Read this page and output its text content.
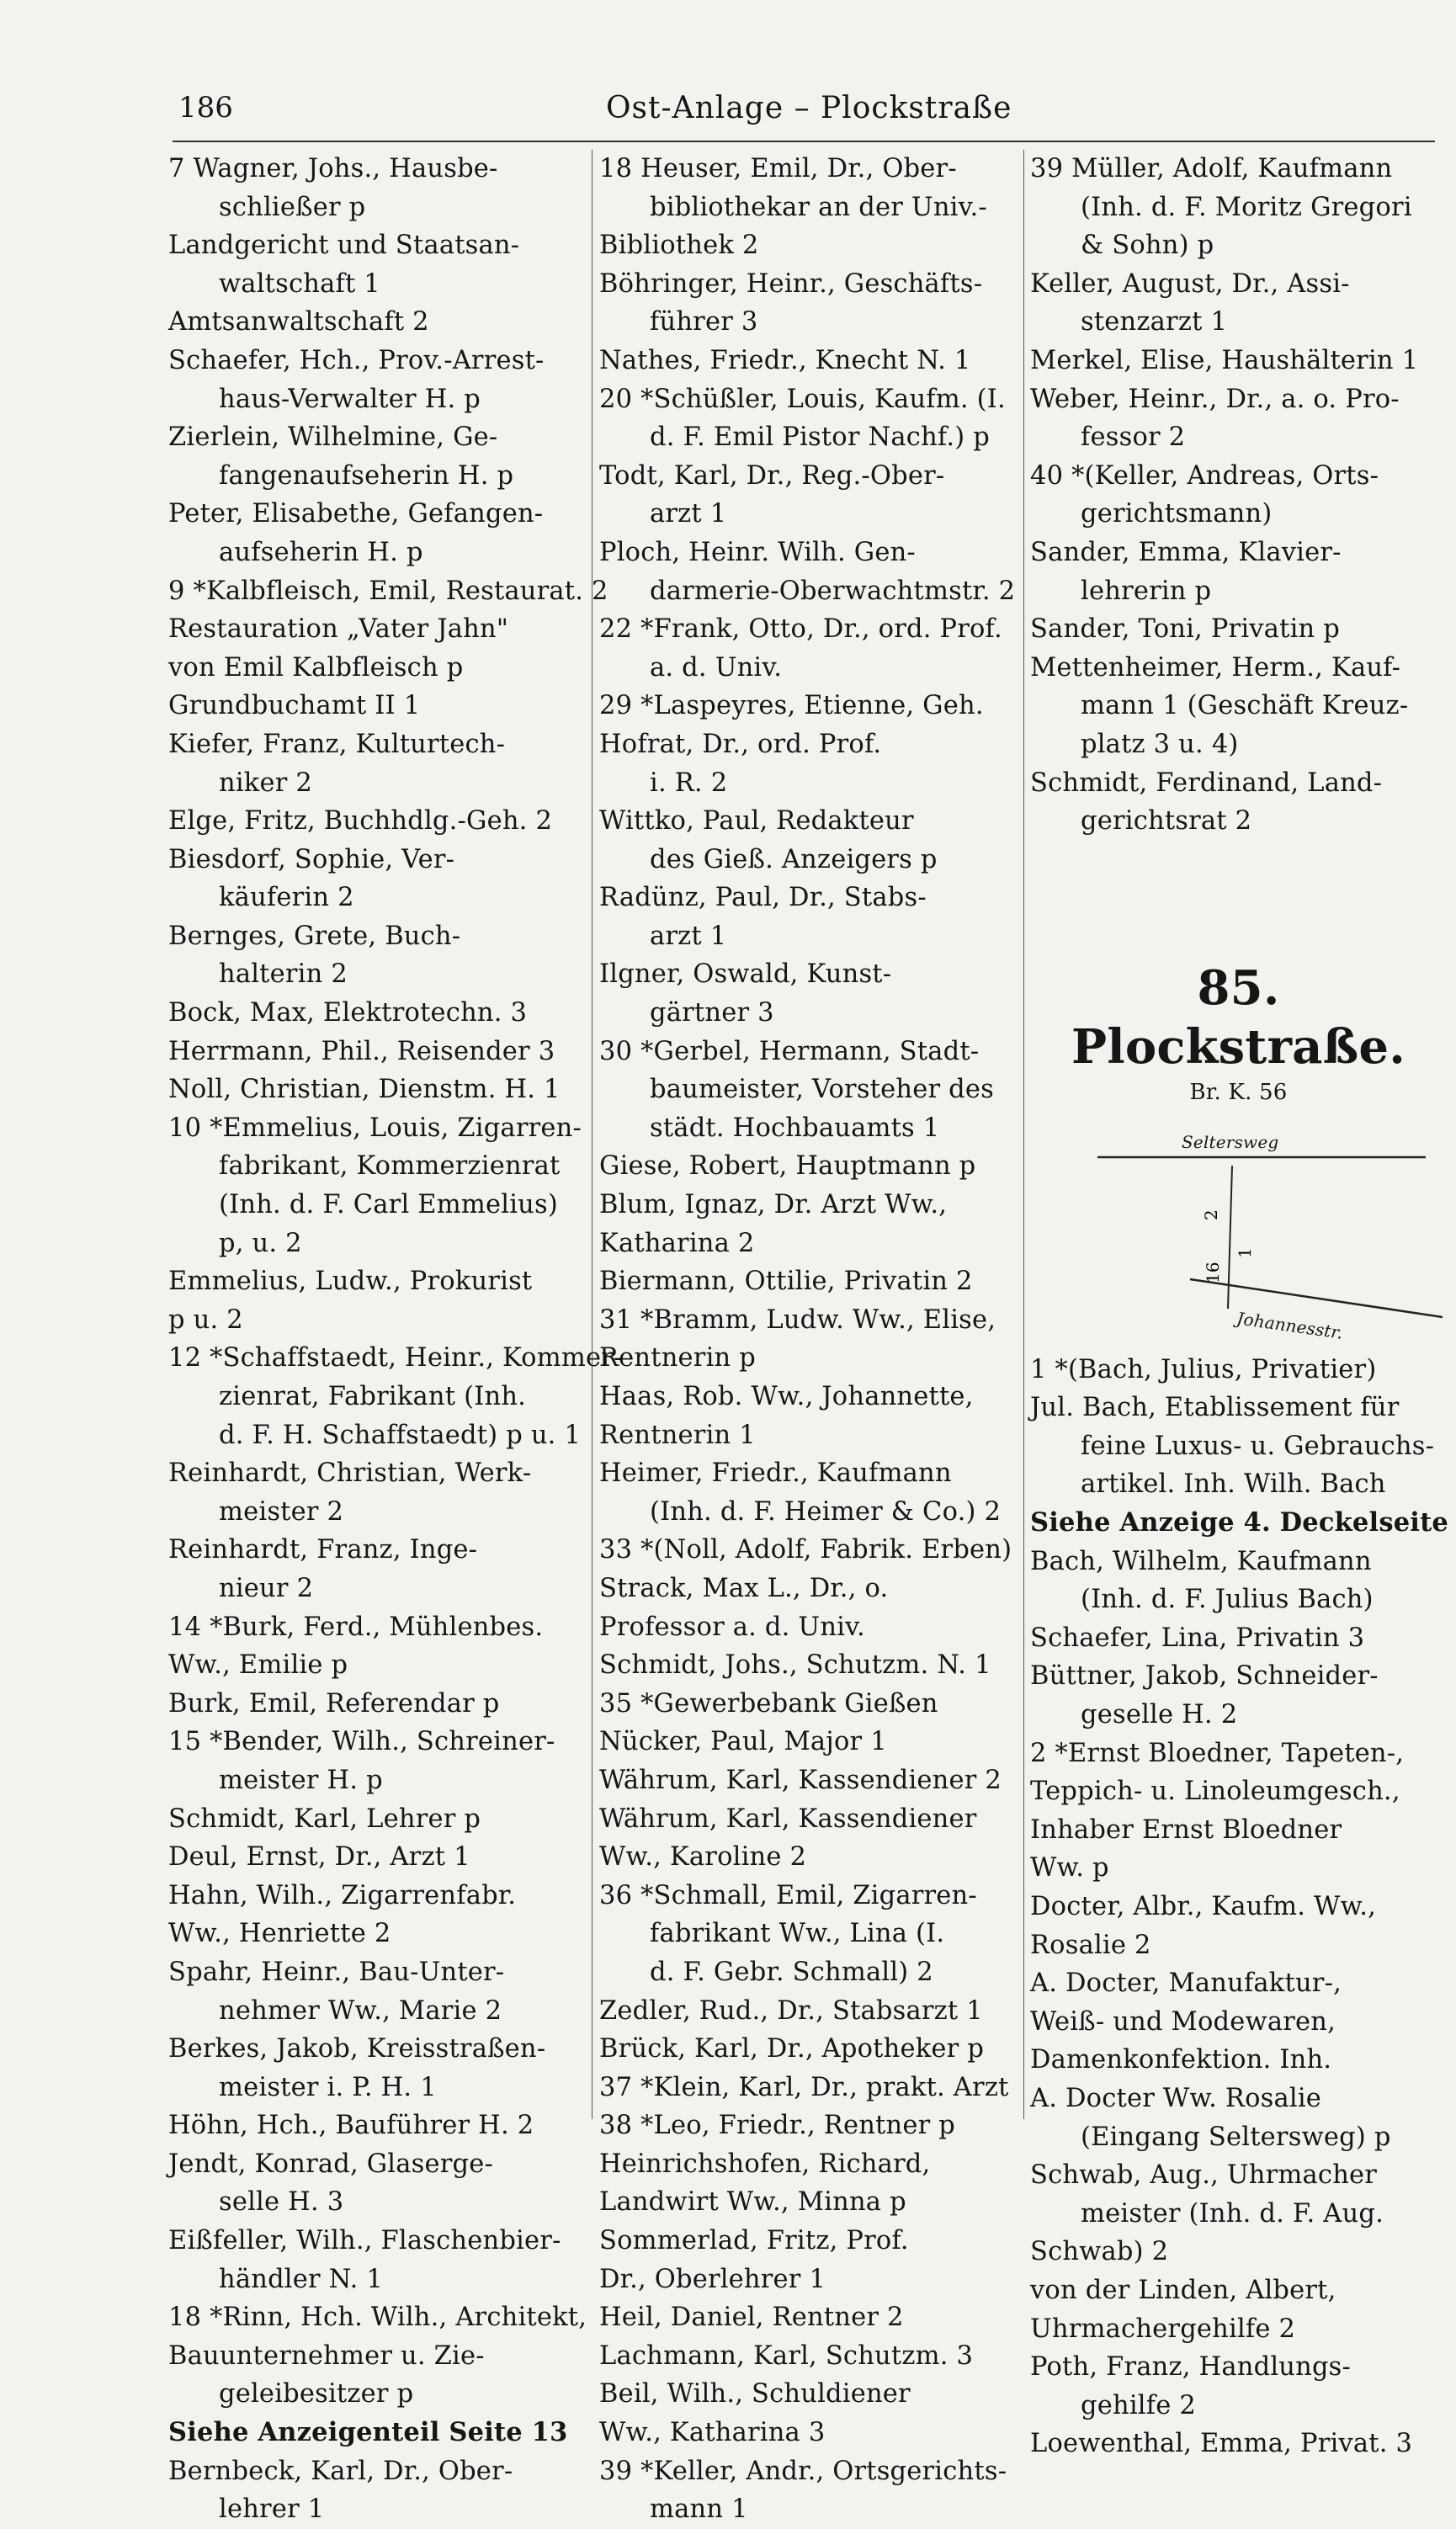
186	Ost-Anlage – Plockstraße
7 Wagner, Johs., Hausbe-
schließer p
Landgericht und Staatsan-
waltschaft 1
Amtsanwaltschaft 2
Schaefer, Hch., Prov.-Arrest-
haus-Verwalter H. p
Zierlein, Wilhelmine, Ge-
fangenaufseherin H. p
Peter, Elisabethe, Gefangen-
aufseherin H. p
9 *Kalbfleisch, Emil, Restaurat. 2
Restauration „Vater Jahn"
von Emil Kalbfleisch p
Grundbuchamt II 1
Kiefer, Franz, Kulturtech-
niker 2
Elge, Fritz, Buchhdlg.-Geh. 2
Biesdorf, Sophie, Ver-
käuferin 2
Bernges, Grete, Buch-
halterin 2
Bock, Max, Elektrotechn. 3
Herrmann, Phil., Reisender 3
Noll, Christian, Dienstm. H. 1
10 *Emmelius, Louis, Zigarren-
fabrikant, Kommerzienrat
(Inh. d. F. Carl Emmelius)
p, u. 2
Emmelius, Ludw., Prokurist
p u. 2
12 *Schaffstaedt, Heinr., Kommer-
zienrat, Fabrikant (Inh.
d. F. H. Schaffstaedt) p u. 1
Reinhardt, Christian, Werk-
meister 2
Reinhardt, Franz, Inge-
nieur 2
14 *Burk, Ferd., Mühlenbes.
Ww., Emilie p
Burk, Emil, Referendar p
15 *Bender, Wilh., Schreiner-
meister H. p
Schmidt, Karl, Lehrer p
Deul, Ernst, Dr., Arzt 1
Hahn, Wilh., Zigarrenfabr.
Ww., Henriette 2
Spahr, Heinr., Bau-Unter-
nehmer Ww., Marie 2
Berkes, Jakob, Kreisstraßen-
meister i. P. H. 1
Höhn, Hch., Bauführer H. 2
Jendt, Konrad, Glaserge-
selle H. 3
Eißfeller, Wilh., Flaschenbier-
händler N. 1
18 *Rinn, Hch. Wilh., Architekt,
Bauunternehmer u. Zie-
geleibesitzer p
Siehe Anzeigenteil Seite 13
Bernbeck, Karl, Dr., Ober-
lehrer 1
18 Heuser, Emil, Dr., Ober-
bibliothekar an der Univ.-
Bibliothek 2
Böhringer, Heinr., Geschäfts-
führer 3
Nathes, Friedr., Knecht N. 1
20 *Schüßler, Louis, Kaufm. (I.
d. F. Emil Pistor Nachf.) p
Todt, Karl, Dr., Reg.-Ober-
arzt 1
Ploch, Heinr. Wilh. Gen-
darmerie-Oberwachtmstr. 2
22 *Frank, Otto, Dr., ord. Prof.
a. d. Univ.
29 *Laspeyres, Etienne, Geh.
Hofrat, Dr., ord. Prof.
i. R. 2
Wittko, Paul, Redakteur
des Gieß. Anzeigers p
Radünz, Paul, Dr., Stabs-
arzt 1
Ilgner, Oswald, Kunst-
gärtner 3
30 *Gerbel, Hermann, Stadt-
baumeister, Vorsteher des
städt. Hochbauamts 1
Giese, Robert, Hauptmann p
Blum, Ignaz, Dr. Arzt Ww.,
Katharina 2
Biermann, Ottilie, Privatin 2
31 *Bramm, Ludw. Ww., Elise,
Rentnerin p
Haas, Rob. Ww., Johannette,
Rentnerin 1
Heimer, Friedr., Kaufmann
(Inh. d. F. Heimer & Co.) 2
33 *(Noll, Adolf, Fabrik. Erben)
Strack, Max L., Dr., o.
Professor a. d. Univ.
Schmidt, Johs., Schutzm. N. 1
35 *Gewerbebank Gießen
Nücker, Paul, Major 1
Währum, Karl, Kassendiener 2
Währum, Karl, Kassendiener
Ww., Karoline 2
36 *Schmall, Emil, Zigarren-
fabrikant Ww., Lina (I.
d. F. Gebr. Schmall) 2
Zedler, Rud., Dr., Stabsarzt 1
Brück, Karl, Dr., Apotheker p
37 *Klein, Karl, Dr., prakt. Arzt
38 *Leo, Friedr., Rentner p
Heinrichshofen, Richard,
Landwirt Ww., Minna p
Sommerlad, Fritz, Prof.
Dr., Oberlehrer 1
Heil, Daniel, Rentner 2
Lachmann, Karl, Schutzm. 3
Beil, Wilh., Schuldiener
Ww., Katharina 3
39 *Keller, Andr., Ortsgerichts-
mann 1
39 Müller, Adolf, Kaufmann
(Inh. d. F. Moritz Gregori
& Sohn) p
Keller, August, Dr., Assi-
stenzarzt 1
Merkel, Elise, Haushälterin 1
Weber, Heinr., Dr., a. o. Pro-
fessor 2
40 *(Keller, Andreas, Orts-
gerichtsmann)
Sander, Emma, Klavier-
lehrerin p
Sander, Toni, Privatin p
Mettenheimer, Herm., Kauf-
mann 1 (Geschäft Kreuz-
platz 3 u. 4)
Schmidt, Ferdinand, Land-
gerichtsrat 2
85. Plockstraße.
Br. K. 56
2
1
16
Seltersweg
Johannesstr.
1 *(Bach, Julius, Privatier)
Jul. Bach, Etablissement für
feine Luxus- u. Gebrauchs-
artikel. Inh. Wilh. Bach
Siehe Anzeige 4. Deckelseite
Bach, Wilhelm, Kaufmann
(Inh. d. F. Julius Bach)
Schaefer, Lina, Privatin 3
Büttner, Jakob, Schneider-
geselle H. 2
2 *Ernst Bloedner, Tapeten-,
Teppich- u. Linoleumgesch.,
Inhaber Ernst Bloedner
Ww. p
Docter, Albr., Kaufm. Ww.,
Rosalie 2
A. Docter, Manufaktur-,
Weiß- und Modewaren,
Damenkonfektion. Inh.
A. Docter Ww. Rosalie
(Eingang Seltersweg) p
Schwab, Aug., Uhrmacher
meister (Inh. d. F. Aug.
Schwab) 2
von der Linden, Albert,
Uhrmachergehilfe 2
Poth, Franz, Handlungs-
gehilfe 2
Loewenthal, Emma, Privat. 3
